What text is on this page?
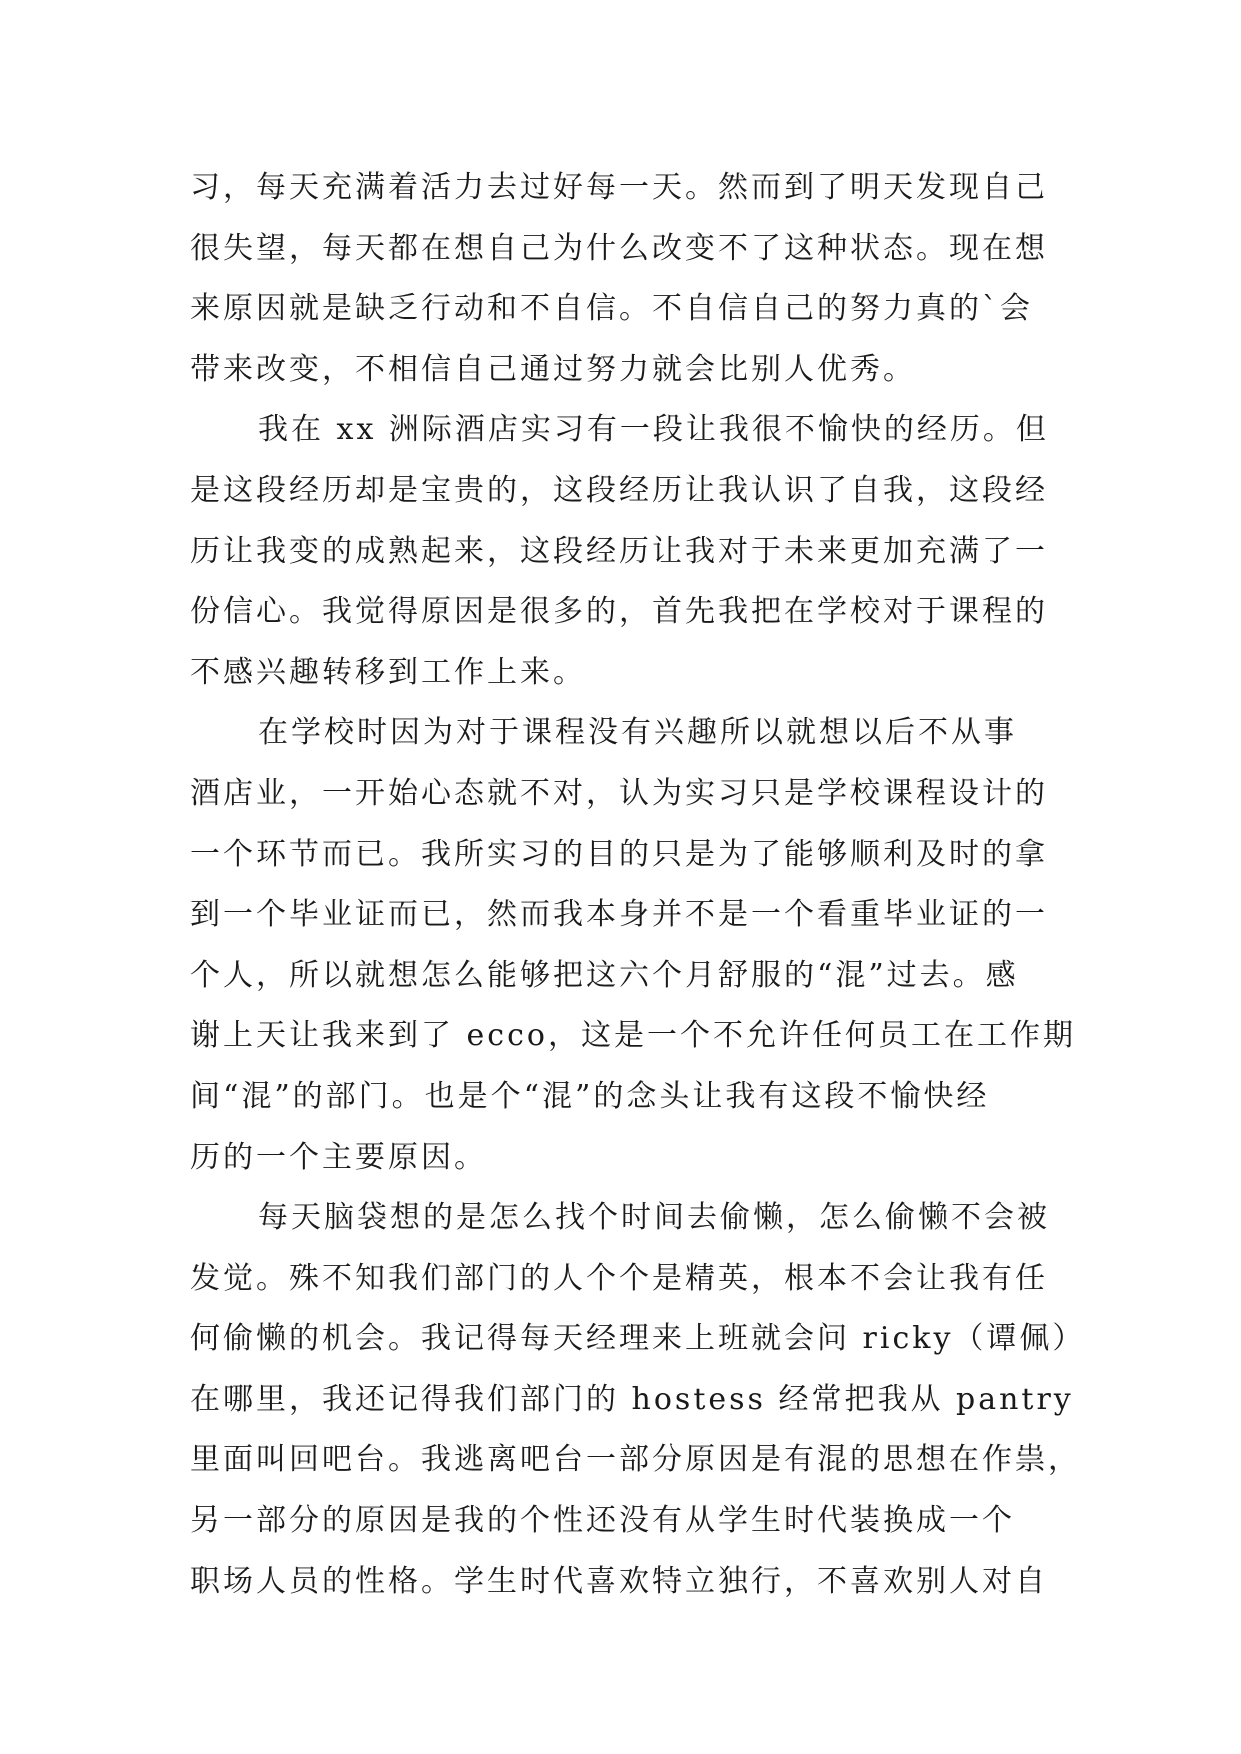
习，每天充满着活力去过好每一天。然而到了明天发现自己
很失望，每天都在想自己为什么改变不了这种状态。现在想
来原因就是缺乏行动和不自信。不自信自己的努力真的`会
带来改变，不相信自己通过努力就会比别人优秀。
我在 xx 洲际酒店实习有一段让我很不愉快的经历。但
是这段经历却是宝贵的，这段经历让我认识了自我，这段经
历让我变的成熟起来，这段经历让我对于未来更加充满了一
份信心。我觉得原因是很多的，首先我把在学校对于课程的
不感兴趣转移到工作上来。
在学校时因为对于课程没有兴趣所以就想以后不从事
酒店业，一开始心态就不对，认为实习只是学校课程设计的
一个环节而已。我所实习的目的只是为了能够顺利及时的拿
到一个毕业证而已，然而我本身并不是一个看重毕业证的一
个人，所以就想怎么能够把这六个月舒服的“混”过去。感
谢上天让我来到了 ecco，这是一个不允许任何员工在工作期
间“混”的部门。也是个“混”的念头让我有这段不愉快经
历的一个主要原因。
每天脑袋想的是怎么找个时间去偷懒，怎么偷懒不会被
发觉。殊不知我们部门的人个个是精英，根本不会让我有任
何偷懒的机会。我记得每天经理来上班就会问 ricky（谭佩）
在哪里，我还记得我们部门的 hostess 经常把我从 pantry
里面叫回吧台。我逃离吧台一部分原因是有混的思想在作祟，
另一部分的原因是我的个性还没有从学生时代装换成一个
职场人员的性格。学生时代喜欢特立独行，不喜欢别人对自
